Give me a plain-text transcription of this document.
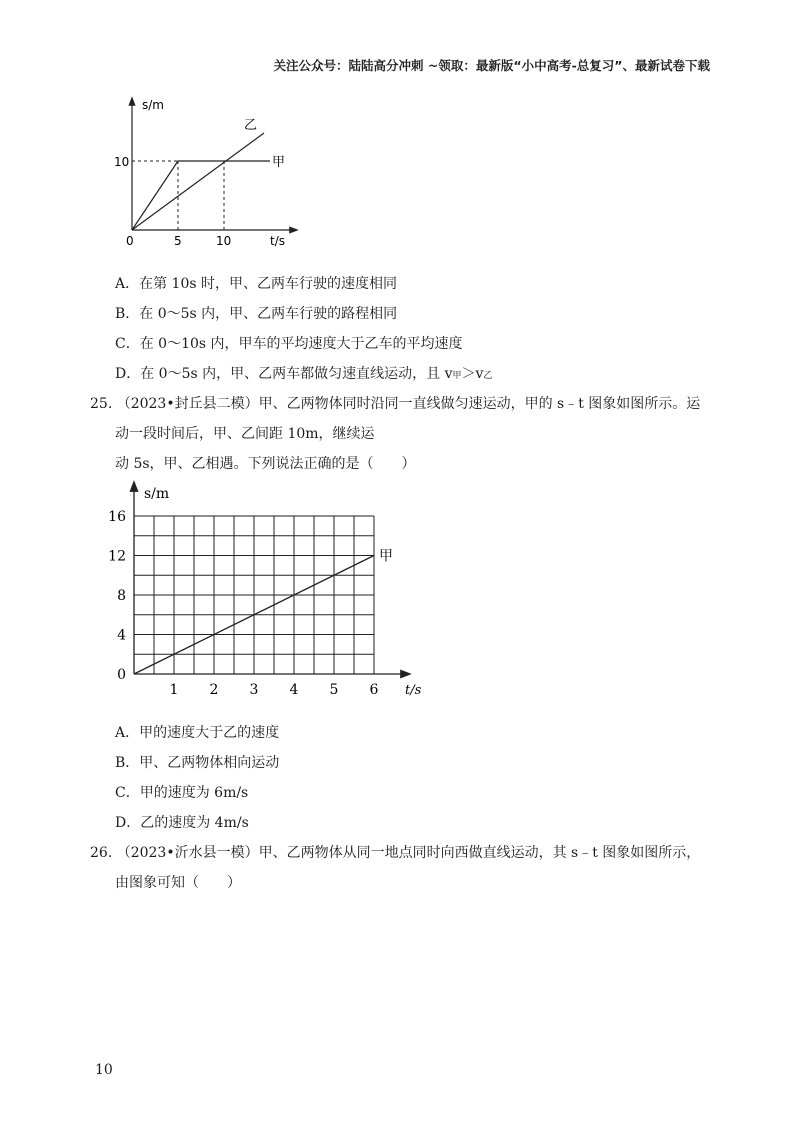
关注公众号：陆陆高分冲刺 ~领取：最新版“小中高考-总复习”、最新试卷下载
s/m
t/s
0
10
5	10
甲
乙
A．在第 10s 时，甲、乙两车行驶的速度相同
B．在 0～5s 内，甲、乙两车行驶的路程相同
C．在 0～10s 内，甲车的平均速度大于乙车的平均速度
D．在 0～5s 内，甲、乙两车都做匀速直线运动，且 v甲＞v乙
25. （2023•封丘县二模）甲、乙两物体同时沿同一直线做匀速运动，甲的 s﹣t 图象如图所示。运
动一段时间后，甲、乙间距 10m，继续运
动 5s，甲、乙相遇。下列说法正确的是（　　）
0
4
8
12
16
1 2 3 4 5 6
甲
s/m
t/s
A．甲的速度大于乙的速度
B．甲、乙两物体相向运动
C．甲的速度为 6m/s
D．乙的速度为 4m/s
26. （2023•沂水县一模）甲、乙两物体从同一地点同时向西做直线运动，其 s﹣t 图象如图所示，
由图象可知（　　）
10
